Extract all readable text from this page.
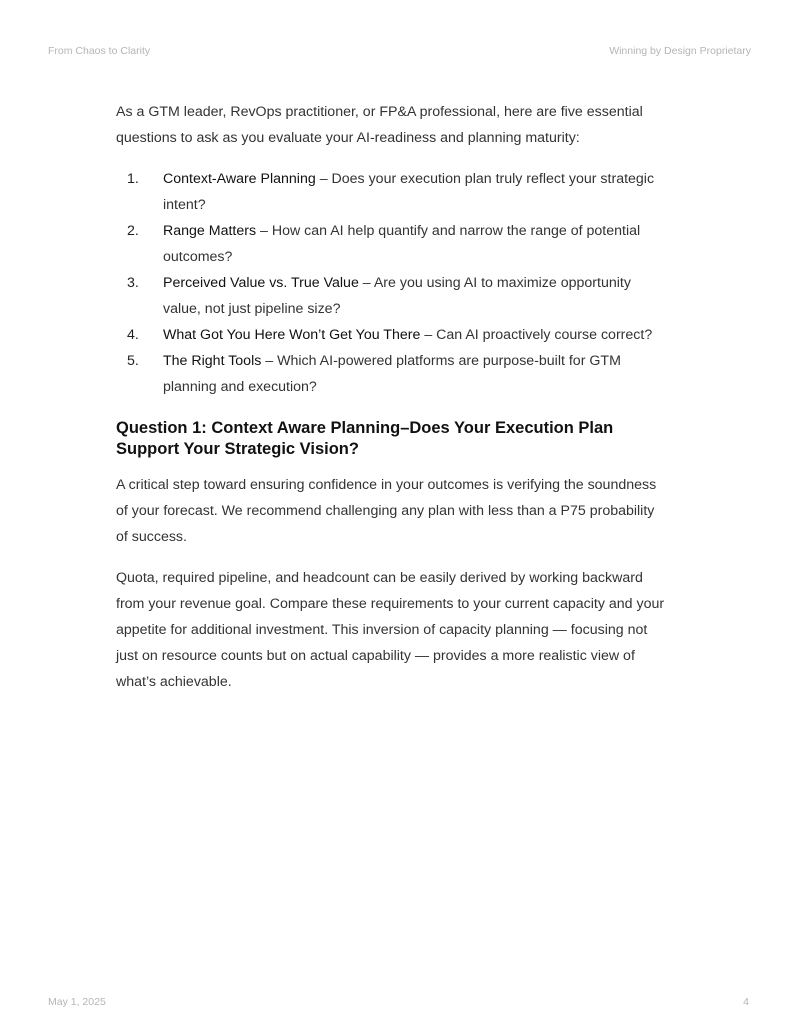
From Chaos to Clarity	Winning by Design Proprietary

As a GTM leader, RevOps practitioner, or FP&A professional, here are five essential questions to ask as you evaluate your AI-readiness and planning maturity:

1. Context-Aware Planning – Does your execution plan truly reflect your strategic intent?
2. Range Matters – How can AI help quantify and narrow the range of potential outcomes?
3. Perceived Value vs. True Value – Are you using AI to maximize opportunity value, not just pipeline size?
4. What Got You Here Won’t Get You There – Can AI proactively course correct?
5. The Right Tools – Which AI-powered platforms are purpose-built for GTM planning and execution?
Question 1: Context Aware Planning–Does Your Execution Plan Support Your Strategic Vision?

A critical step toward ensuring confidence in your outcomes is verifying the soundness of your forecast. We recommend challenging any plan with less than a P75 probability of success.

Quota, required pipeline, and headcount can be easily derived by working backward from your revenue goal. Compare these requirements to your current capacity and your appetite for additional investment. This inversion of capacity planning — focusing not just on resource counts but on actual capability — provides a more realistic view of what’s achievable.

May 1, 2025	4
